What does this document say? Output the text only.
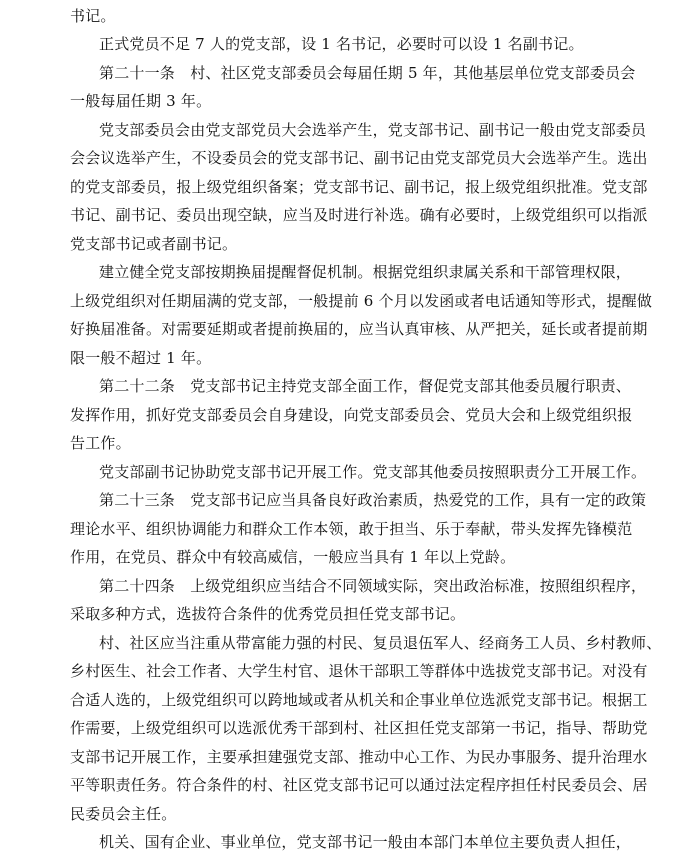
书记。

正式党员不足 7 人的党支部，设 1 名书记，必要时可以设 1 名副书记。

第二十一条　村、社区党支部委员会每届任期 5 年，其他基层单位党支部委员会

一般每届任期 3 年。

党支部委员会由党支部党员大会选举产生，党支部书记、副书记一般由党支部委员

会会议选举产生，不设委员会的党支部书记、副书记由党支部党员大会选举产生。选出

的党支部委员，报上级党组织备案；党支部书记、副书记，报上级党组织批准。党支部

书记、副书记、委员出现空缺，应当及时进行补选。确有必要时，上级党组织可以指派

党支部书记或者副书记。

建立健全党支部按期换届提醒督促机制。根据党组织隶属关系和干部管理权限，

上级党组织对任期届满的党支部，一般提前 6 个月以发函或者电话通知等形式，提醒做

好换届准备。对需要延期或者提前换届的，应当认真审核、从严把关，延长或者提前期

限一般不超过 1 年。

第二十二条　党支部书记主持党支部全面工作，督促党支部其他委员履行职责、

发挥作用，抓好党支部委员会自身建设，向党支部委员会、党员大会和上级党组织报

告工作。

党支部副书记协助党支部书记开展工作。党支部其他委员按照职责分工开展工作。

第二十三条　党支部书记应当具备良好政治素质，热爱党的工作，具有一定的政策

理论水平、组织协调能力和群众工作本领，敢于担当、乐于奉献，带头发挥先锋模范

作用，在党员、群众中有较高威信，一般应当具有 1 年以上党龄。

第二十四条　上级党组织应当结合不同领域实际，突出政治标准，按照组织程序，

采取多种方式，选拔符合条件的优秀党员担任党支部书记。

村、社区应当注重从带富能力强的村民、复员退伍军人、经商务工人员、乡村教师、

乡村医生、社会工作者、大学生村官、退休干部职工等群体中选拔党支部书记。对没有

合适人选的，上级党组织可以跨地域或者从机关和企事业单位选派党支部书记。根据工

作需要，上级党组织可以选派优秀干部到村、社区担任党支部第一书记，指导、帮助党

支部书记开展工作，主要承担建强党支部、推动中心工作、为民办事服务、提升治理水

平等职责任务。符合条件的村、社区党支部书记可以通过法定程序担任村民委员会、居

民委员会主任。

机关、国有企业、事业单位，党支部书记一般由本部门本单位主要负责人担任，
